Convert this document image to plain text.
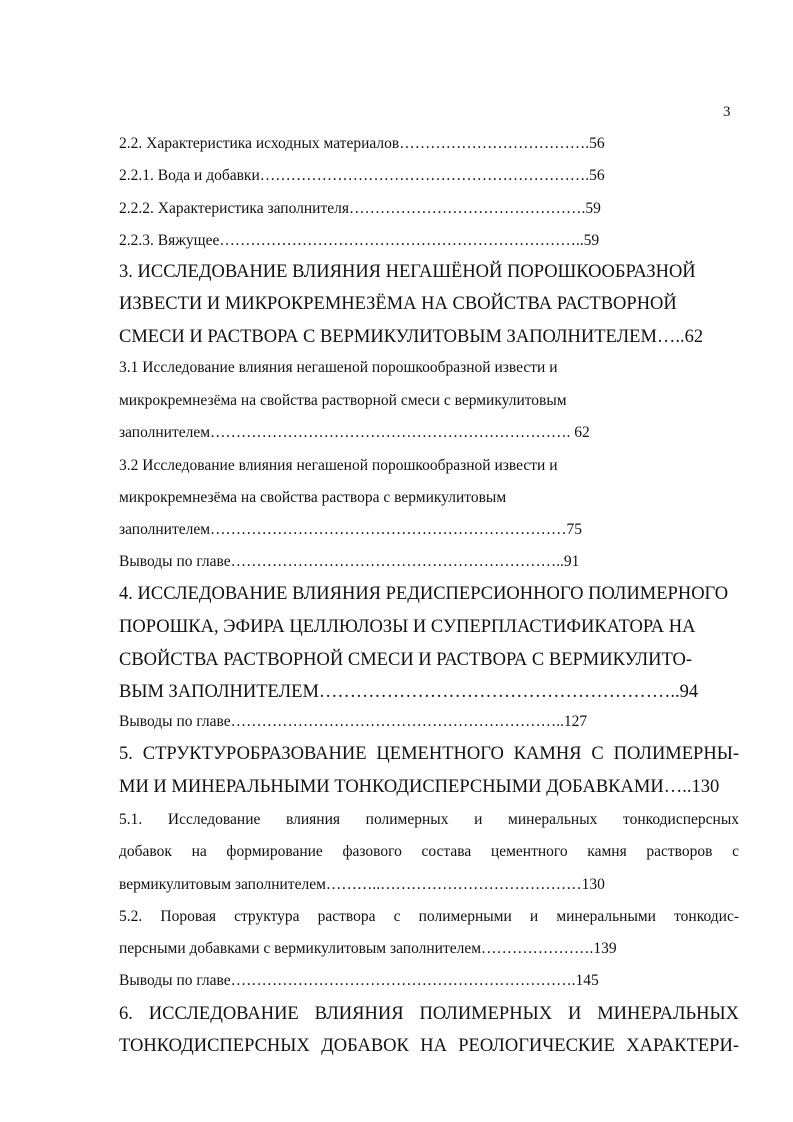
3
2.2. Характеристика исходных материалов……………………………….56
2.2.1. Вода и добавки……………………………………………………….56
2.2.2. Характеристика заполнителя……………………………………….59
2.2.3. Вяжущее……………………………………………………………..59
3. ИССЛЕДОВАНИЕ ВЛИЯНИЯ НЕГАШЁНОЙ ПОРОШКООБРАЗНОЙ
ИЗВЕСТИ И МИКРОКРЕМНЕЗЁМА НА СВОЙСТВА РАСТВОРНОЙ
СМЕСИ И РАСТВОРА С ВЕРМИКУЛИТОВЫМ ЗАПОЛНИТЕЛЕМ…..62
3.1 Исследование влияния негашеной порошкообразной извести и
микрокремнезёма на свойства растворной смеси с вермикулитовым
заполнителем……………………………………………………………. 62
3.2 Исследование влияния негашеной порошкообразной извести и
микрокремнезёма на свойства раствора с вермикулитовым
заполнителем……………………………………………………………75
Выводы по главе………………………………………………………..91
4. ИССЛЕДОВАНИЕ ВЛИЯНИЯ РЕДИСПЕРСИОННОГО ПОЛИМЕРНОГО
ПОРОШКА, ЭФИРА ЦЕЛЛЮЛОЗЫ И СУПЕРПЛАСТИФИКАТОРА НА
СВОЙСТВА РАСТВОРНОЙ СМЕСИ И РАСТВОРА С ВЕРМИКУЛИТО-
ВЫМ ЗАПОЛНИТЕЛЕМ…………………………………………………..94
Выводы по главе………………………………………………………..127
5. СТРУКТУРОБРАЗОВАНИЕ ЦЕМЕНТНОГО КАМНЯ С ПОЛИМЕРНЫ-
МИ И МИНЕРАЛЬНЫМИ ТОНКОДИСПЕРСНЫМИ ДОБАВКАМИ…..130
5.1. Исследование влияния полимерных и минеральных тонкодисперсных
добавок на формирование фазового состава цементного камня растворов с
вермикулитовым заполнителем………..…………………………………130
5.2. Поровая структура раствора с полимерными и минеральными тонкодис-
персными добавками с вермикулитовым заполнителем………………….139
Выводы по главе………………………………………………………….145
6. ИССЛЕДОВАНИЕ ВЛИЯНИЯ ПОЛИМЕРНЫХ И МИНЕРАЛЬНЫХ
ТОНКОДИСПЕРСНЫХ ДОБАВОК НА РЕОЛОГИЧЕСКИЕ ХАРАКТЕРИ-
